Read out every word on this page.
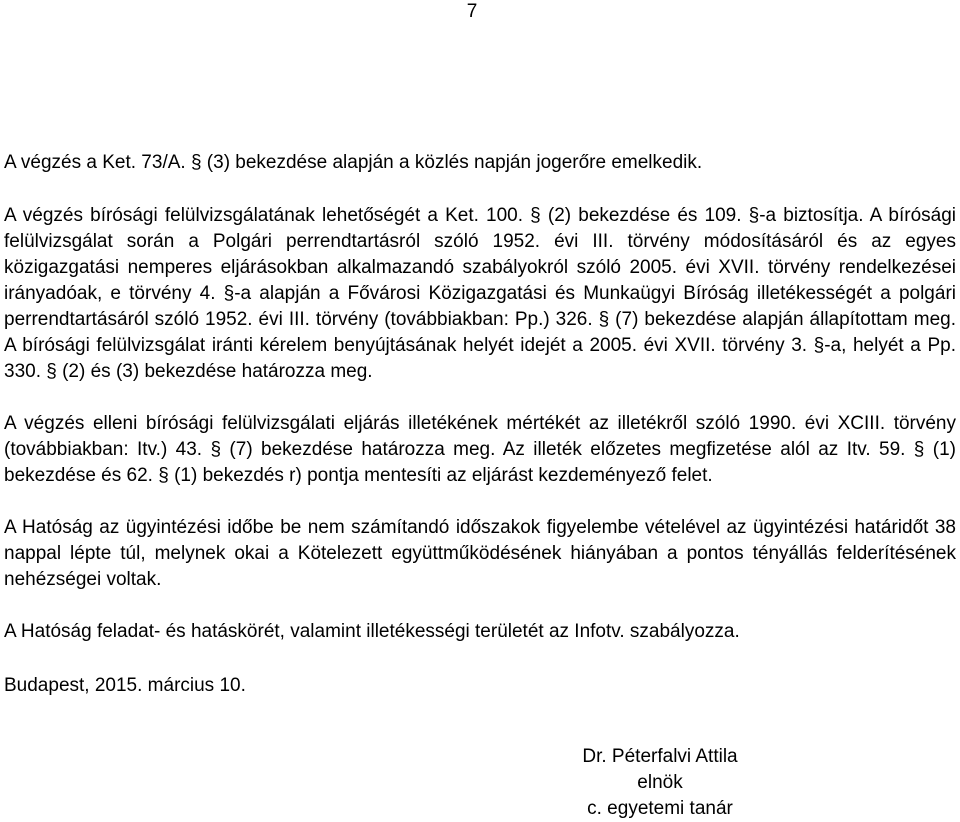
7

A végzés a Ket. 73/A. § (3) bekezdése alapján a közlés napján jogerőre emelkedik.

A végzés bírósági felülvizsgálatának lehetőségét a Ket. 100. § (2) bekezdése és 109. §-a biztosítja. A bírósági felülvizsgálat során a Polgári perrendtartásról szóló 1952. évi III. törvény módosításáról és az egyes közigazgatási nemperes eljárásokban alkalmazandó szabályokról szóló 2005. évi XVII. törvény rendelkezései irányadóak, e törvény 4. §-a alapján a Fővárosi Közigazgatási és Munkaügyi Bíróság illetékességét a polgári perrendtartásáról szóló 1952. évi III. törvény (továbbiakban: Pp.) 326. § (7) bekezdése alapján állapítottam meg. A bírósági felülvizsgálat iránti kérelem benyújtásának helyét idejét a 2005. évi XVII. törvény 3. §-a, helyét a Pp. 330. § (2) és (3) bekezdése határozza meg.

A végzés elleni bírósági felülvizsgálati eljárás illetékének mértékét az illetékről szóló 1990. évi XCIII. törvény (továbbiakban: Itv.) 43. § (7) bekezdése határozza meg. Az illeték előzetes megfizetése alól az Itv. 59. § (1) bekezdése és 62. § (1) bekezdés r) pontja mentesíti az eljárást kezdeményező felet.

A Hatóság az ügyintézési időbe be nem számítandó időszakok figyelembe vételével az ügyintézési határidőt 38 nappal lépte túl, melynek okai a Kötelezett együttműködésének hiányában a pontos tényállás felderítésének nehézségei voltak.

A Hatóság feladat- és hatáskörét, valamint illetékességi területét az Infotv. szabályozza.

Budapest, 2015. március 10.

Dr. Péterfalvi Attila
elnök
c. egyetemi tanár
